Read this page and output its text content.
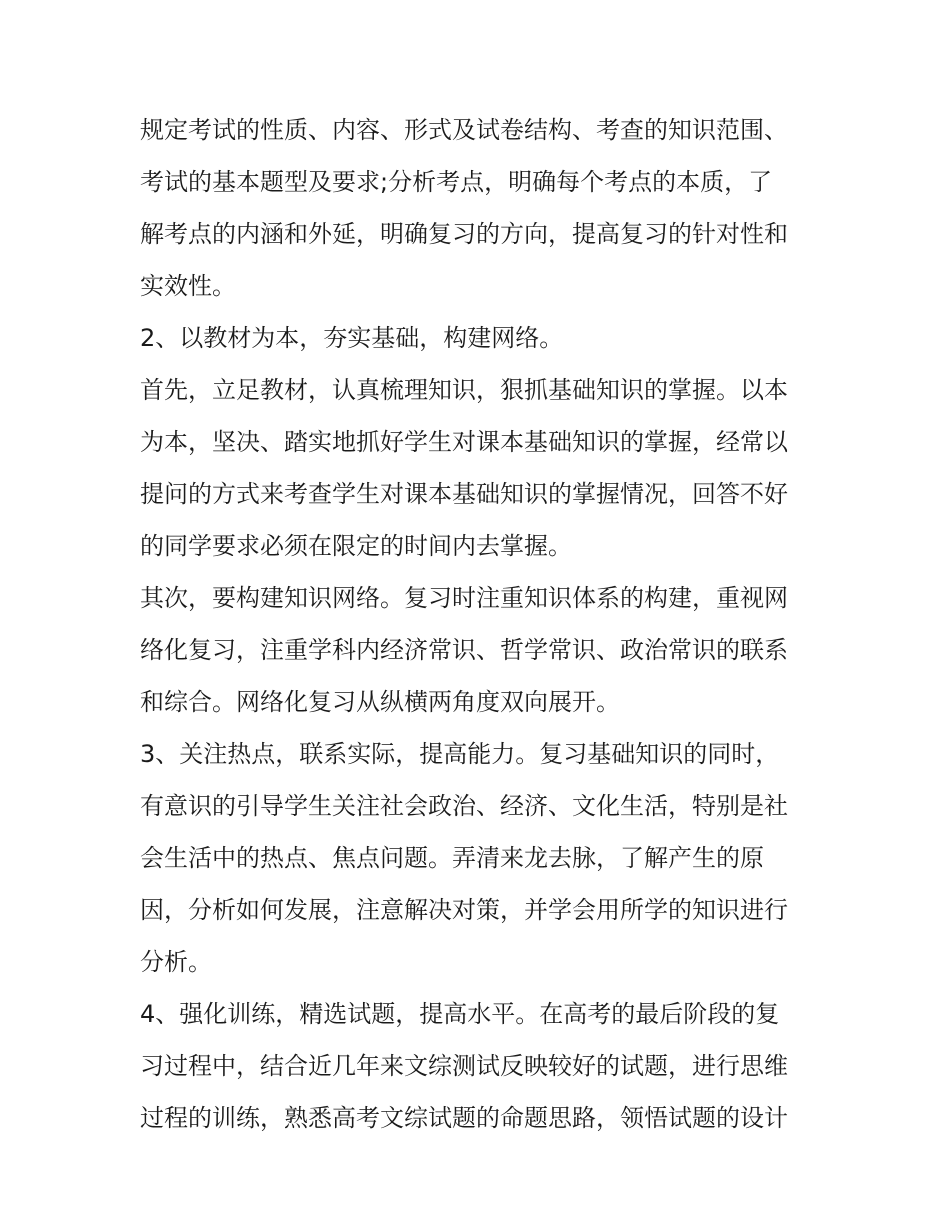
规定考试的性质、内容、形式及试卷结构、考查的知识范围、
考试的基本题型及要求;分析考点，明确每个考点的本质，了
解考点的内涵和外延，明确复习的方向，提高复习的针对性和
实效性。
2、以教材为本，夯实基础，构建网络。
首先，立足教材，认真梳理知识，狠抓基础知识的掌握。以本
为本，坚决、踏实地抓好学生对课本基础知识的掌握，经常以
提问的方式来考查学生对课本基础知识的掌握情况，回答不好
的同学要求必须在限定的时间内去掌握。
其次，要构建知识网络。复习时注重知识体系的构建，重视网
络化复习，注重学科内经济常识、哲学常识、政治常识的联系
和综合。网络化复习从纵横两角度双向展开。
3、关注热点，联系实际，提高能力。复习基础知识的同时，
有意识的引导学生关注社会政治、经济、文化生活，特别是社
会生活中的热点、焦点问题。弄清来龙去脉，了解产生的原
因，分析如何发展，注意解决对策，并学会用所学的知识进行
分析。
4、强化训练，精选试题，提高水平。在高考的最后阶段的复
习过程中，结合近几年来文综测试反映较好的试题，进行思维
过程的训练，熟悉高考文综试题的命题思路，领悟试题的设计
